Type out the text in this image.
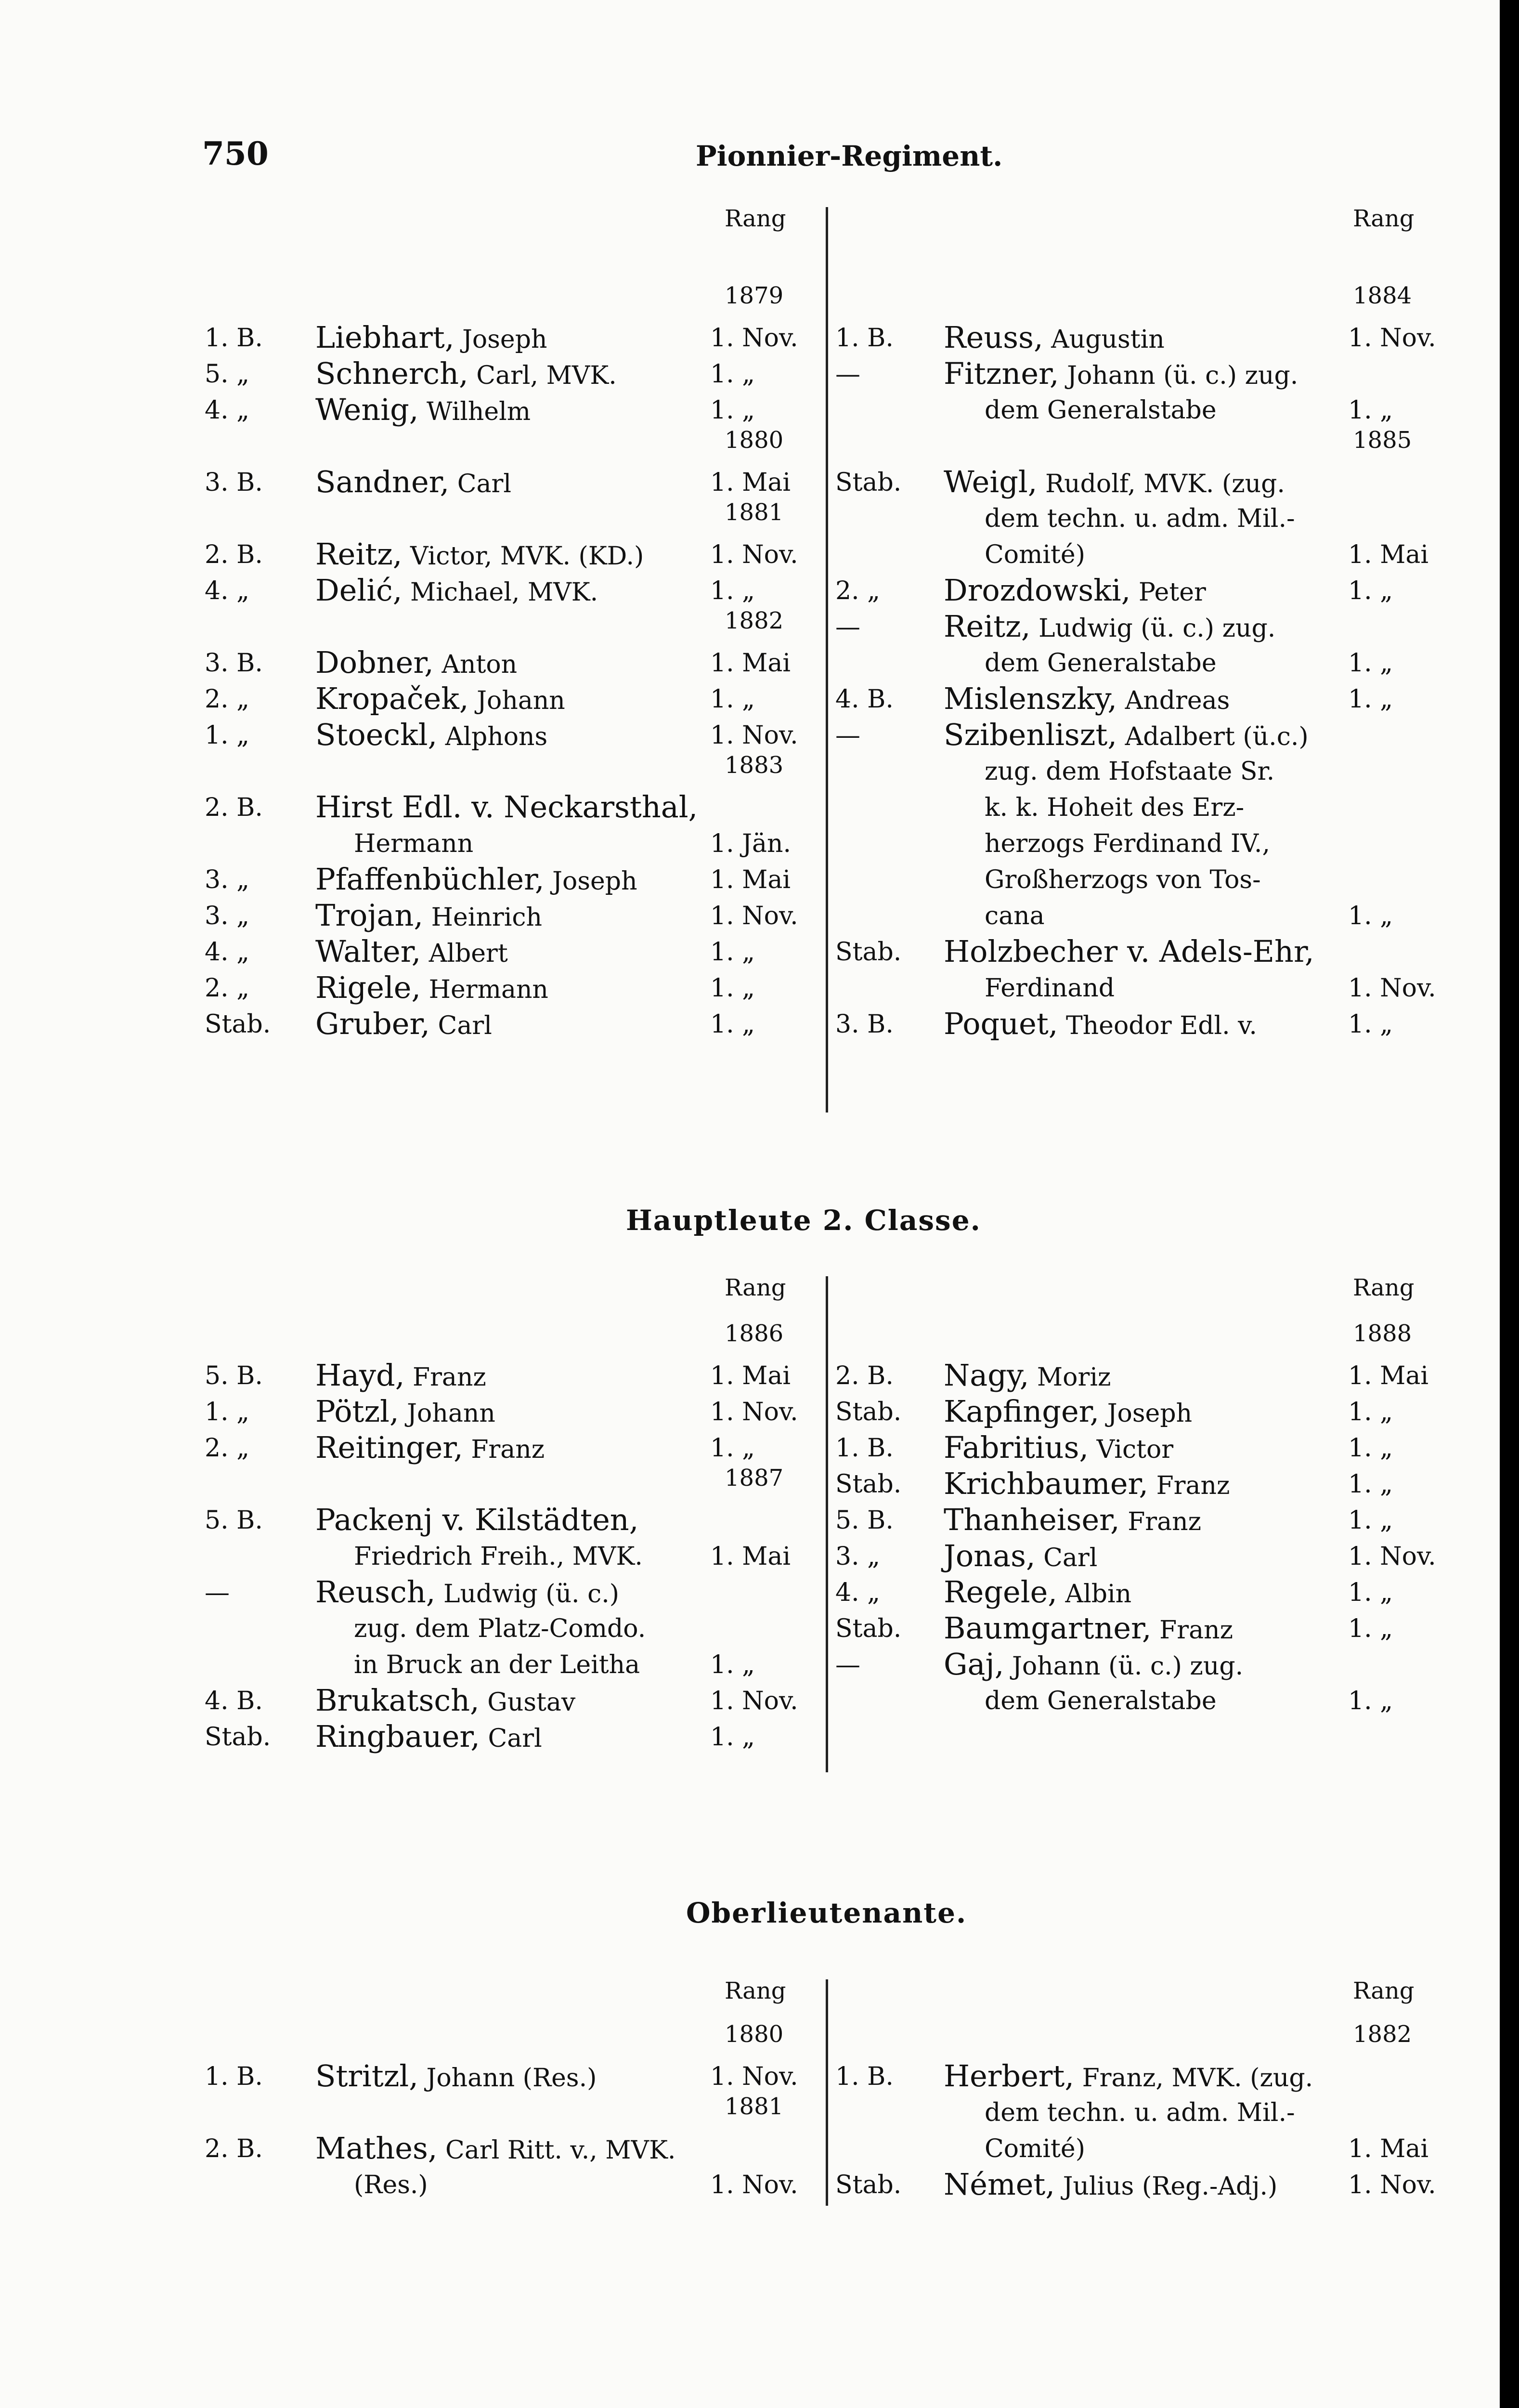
750	Pionnier-Regiment.
Rang
1879
1. B. Liebhart, Joseph	1. Nov.
5. „ Schnerch, Carl, MVK.	1. „
4. „ Wenig, Wilhelm	1. „
1880
3. B. Sandner, Carl	1. Mai
1881
2. B. Reitz, Victor, MVK. (KD.)	1. Nov.
4. „ Delić, Michael, MVK.	1. „
1882
3. B. Dobner, Anton	1. Mai
2. „ Kropaček, Johann	1. „
1. „ Stoeckl, Alphons	1. Nov.
1883
2. B. Hirst Edl. v. Neckarsthal,
Hermann	1. Jän.
3. „ Pfaffenbüchler, Joseph	1. Mai
3. „ Trojan, Heinrich	1. Nov.
4. „ Walter, Albert	1. „
2. „ Rigele, Hermann	1. „
Stab. Gruber, Carl	1. „
Rang
1884
1. B. Reuss, Augustin	1. Nov.
—	Fitzner, Johann (ü. c.) zug.
dem Generalstabe	1. „
1885
Stab. Weigl, Rudolf, MVK. (zug.
dem techn. u. adm. Mil.-
Comité)	1. Mai
2. „ Drozdowski, Peter	1. „
—	Reitz, Ludwig (ü. c.) zug.
dem Generalstabe	1. „
4. B. Mislenszky, Andreas	1. „
—	Szibenliszt, Adalbert (ü.c.)
zug. dem Hofstaate Sr.
k. k. Hoheit des Erz-
herzogs Ferdinand IV.,
Großherzogs von Tos-
cana	1. „
Stab. Holzbecher v. Adels-Ehr,
Ferdinand	1. Nov.
3. B. Poquet, Theodor Edl. v.	1. „
Hauptleute 2. Classe.
Rang
1886
5. B. Hayd, Franz	1. Mai
1. „ Pötzl, Johann	1. Nov.
2. „ Reitinger, Franz	1. „
1887
5. B. Packenj v. Kilstädten,
Friedrich Freih., MVK.	1. Mai
—	Reusch, Ludwig (ü. c.)
zug. dem Platz-Comdo.
in Bruck an der Leitha	1. „
4. B. Brukatsch, Gustav	1. Nov.
Stab. Ringbauer, Carl	1. „
Rang
1888
2. B. Nagy, Moriz	1. Mai
Stab. Kapfinger, Joseph	1. „
1. B. Fabritius, Victor	1. „
Stab. Krichbaumer, Franz	1. „
5. B. Thanheiser, Franz	1. „
3. „ Jonas, Carl	1. Nov.
4. „ Regele, Albin	1. „
Stab. Baumgartner, Franz	1. „
—	Gaj, Johann (ü. c.) zug.
dem Generalstabe	1. „
Oberlieutenante.
Rang
1880
1. B. Stritzl, Johann (Res.)	1. Nov.
1881
2. B. Mathes, Carl Ritt. v., MVK.
(Res.)	1. Nov.
Rang
1882
1. B. Herbert, Franz, MVK. (zug.
dem techn. u. adm. Mil.-
Comité)	1. Mai
Stab. Német, Julius (Reg.-Adj.)	1. Nov.
